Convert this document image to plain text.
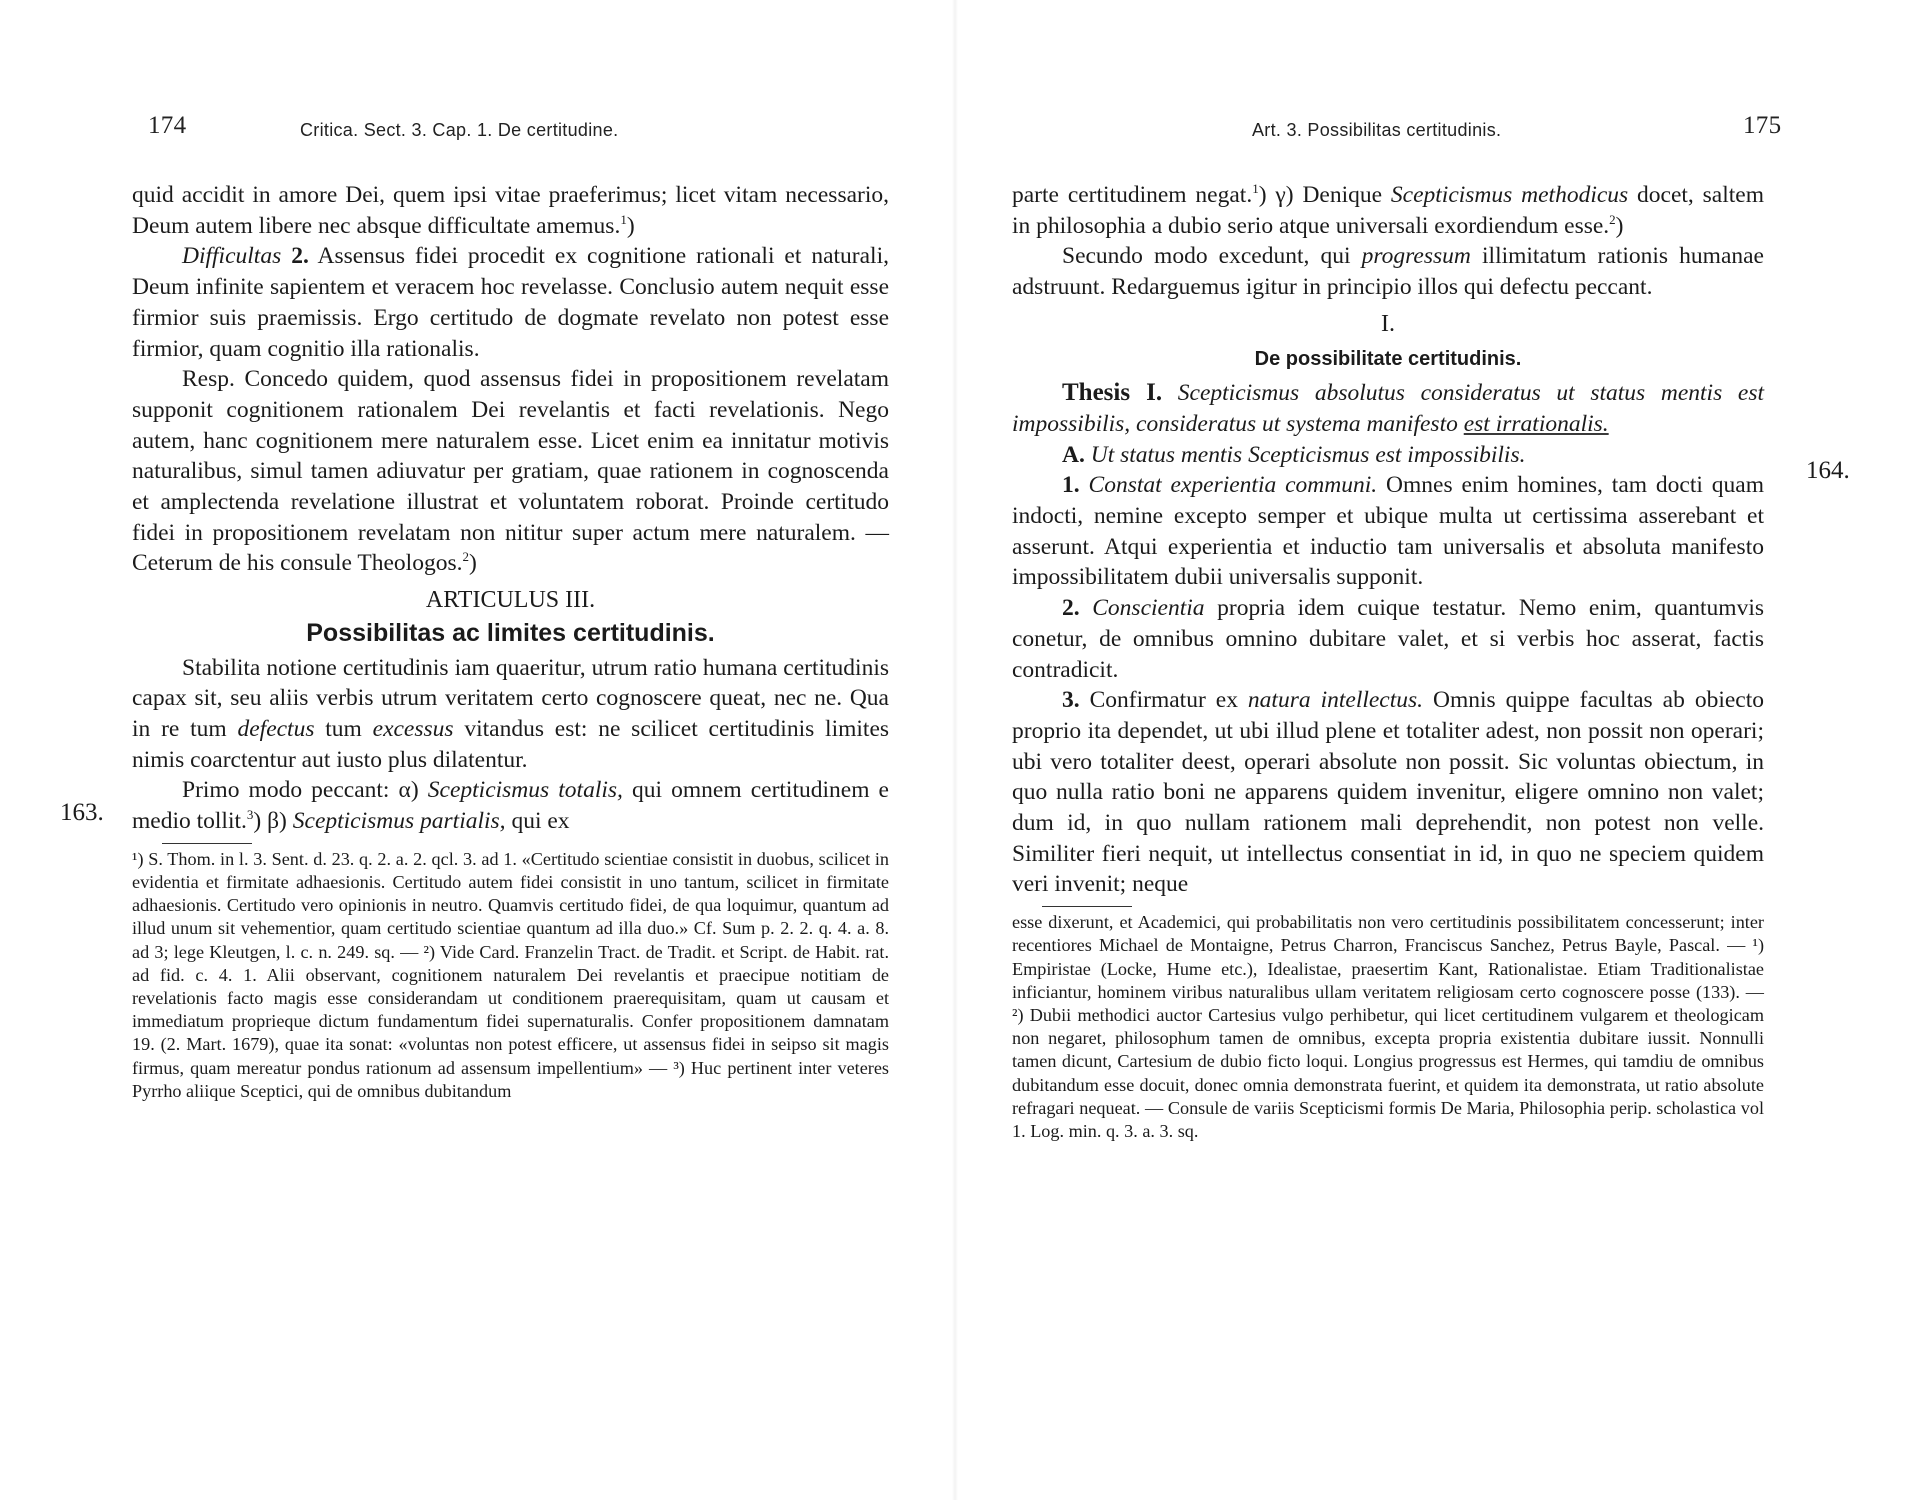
174	Critica. Sect. 3. Cap. 1. De certitudine.
163.

quid accidit in amore Dei, quem ipsi vitae praeferimus; licet vitam necessario, Deum autem libere nec absque difficultate amemus.$^1$)

Difficultas 2. Assensus fidei procedit ex cognitione rationali et naturali, Deum infinite sapientem et veracem hoc revelasse. Conclusio autem nequit esse firmior suis praemissis. Ergo certitudo de dogmate revelato non potest esse firmior, quam cognitio illa rationalis.

Resp. Concedo quidem, quod assensus fidei in propositionem revelatam supponit cognitionem rationalem Dei revelantis et facti revelationis. Nego autem, hanc cognitionem mere naturalem esse. Licet enim ea innitatur motivis naturalibus, simul tamen adiuvatur per gratiam, quae rationem in cognoscenda et amplectenda revelatione illustrat et voluntatem roborat. Proinde certitudo fidei in propositionem revelatam non nititur super actum mere naturalem. — Ceterum de his consule Theologos.$^2$)

ARTICULUS III.
Possibilitas ac limites certitudinis.

Stabilita notione certitudinis iam quaeritur, utrum ratio humana certitudinis capax sit, seu aliis verbis utrum veritatem certo cognoscere queat, nec ne. Qua in re tum defectus tum excessus vitandus est: ne scilicet certitudinis limites nimis coarctentur aut iusto plus dilatentur.

Primo modo peccant: α) Scepticismus totalis, qui omnem certitudinem e medio tollit.$^3$) β) Scepticismus partialis, qui ex

¹) S. Thom. in l. 3. Sent. d. 23. q. 2. a. 2. qcl. 3. ad 1. «Certitudo scientiae consistit in duobus, scilicet in evidentia et firmitate adhaesionis. Certitudo autem fidei consistit in uno tantum, scilicet in firmitate adhaesionis. Certitudo vero opinionis in neutro. Quamvis certitudo fidei, de qua loquimur, quantum ad illud unum sit vehementior, quam certitudo scientiae quantum ad illa duo.» Cf. Sum p. 2. 2. q. 4. a. 8. ad 3; lege Kleutgen, l. c. n. 249. sq. — ²) Vide Card. Franzelin Tract. de Tradit. et Script. de Habit. rat. ad fid. c. 4. 1. Alii observant, cognitionem naturalem Dei revelantis et praecipue notitiam de revelationis facto magis esse considerandam ut conditionem praerequisitam, quam ut causam et immediatum proprieque dictum fundamentum fidei supernaturalis. Confer propositionem damnatam 19. (2. Mart. 1679), quae ita sonat: «voluntas non potest efficere, ut assensus fidei in seipso sit magis firmus, quam mereatur pondus rationum ad assensum impellentium» — ³) Huc pertinent inter veteres Pyrrho aliique Sceptici, qui de omnibus dubitandum

Art. 3. Possibilitas certitudinis.	175
164.

parte certitudinem negat.$^1$) γ) Denique Scepticismus methodicus docet, saltem in philosophia a dubio serio atque universali exordiendum esse.$^2$)

Secundo modo excedunt, qui progressum illimitatum rationis humanae adstruunt. Redarguemus igitur in principio illos qui defectu peccant.

I.
De possibilitate certitudinis.

Thesis I. Scepticismus absolutus consideratus ut status mentis est impossibilis, consideratus ut systema manifesto est irrationalis.

A. Ut status mentis Scepticismus est impossibilis.

1. Constat experientia communi. Omnes enim homines, tam docti quam indocti, nemine excepto semper et ubique multa ut certissima asserebant et asserunt. Atqui experientia et inductio tam universalis et absoluta manifesto impossibilitatem dubii universalis supponit.

2. Conscientia propria idem cuique testatur. Nemo enim, quantumvis conetur, de omnibus omnino dubitare valet, et si verbis hoc asserat, factis contradicit.

3. Confirmatur ex natura intellectus. Omnis quippe facultas ab obiecto proprio ita dependet, ut ubi illud plene et totaliter adest, non possit non operari; ubi vero totaliter deest, operari absolute non possit. Sic voluntas obiectum, in quo nulla ratio boni ne apparens quidem invenitur, eligere omnino non valet; dum id, in quo nullam rationem mali deprehendit, non potest non velle. Similiter fieri nequit, ut intellectus consentiat in id, in quo ne speciem quidem veri invenit; neque

esse dixerunt, et Academici, qui probabilitatis non vero certitudinis possibilitatem concesserunt; inter recentiores Michael de Montaigne, Petrus Charron, Franciscus Sanchez, Petrus Bayle, Pascal. — ¹) Empiristae (Locke, Hume etc.), Idealistae, praesertim Kant, Rationalistae. Etiam Traditionalistae inficiantur, hominem viribus naturalibus ullam veritatem religiosam certo cognoscere posse (133). — ²) Dubii methodici auctor Cartesius vulgo perhibetur, qui licet certitudinem vulgarem et theologicam non negaret, philosophum tamen de omnibus, excepta propria existentia dubitare iussit. Nonnulli tamen dicunt, Cartesium de dubio ficto loqui. Longius progressus est Hermes, qui tamdiu de omnibus dubitandum esse docuit, donec omnia demonstrata fuerint, et quidem ita demonstrata, ut ratio absolute refragari nequeat. — Consule de variis Scepticismi formis De Maria, Philosophia perip. scholastica vol 1. Log. min. q. 3. a. 3. sq.
